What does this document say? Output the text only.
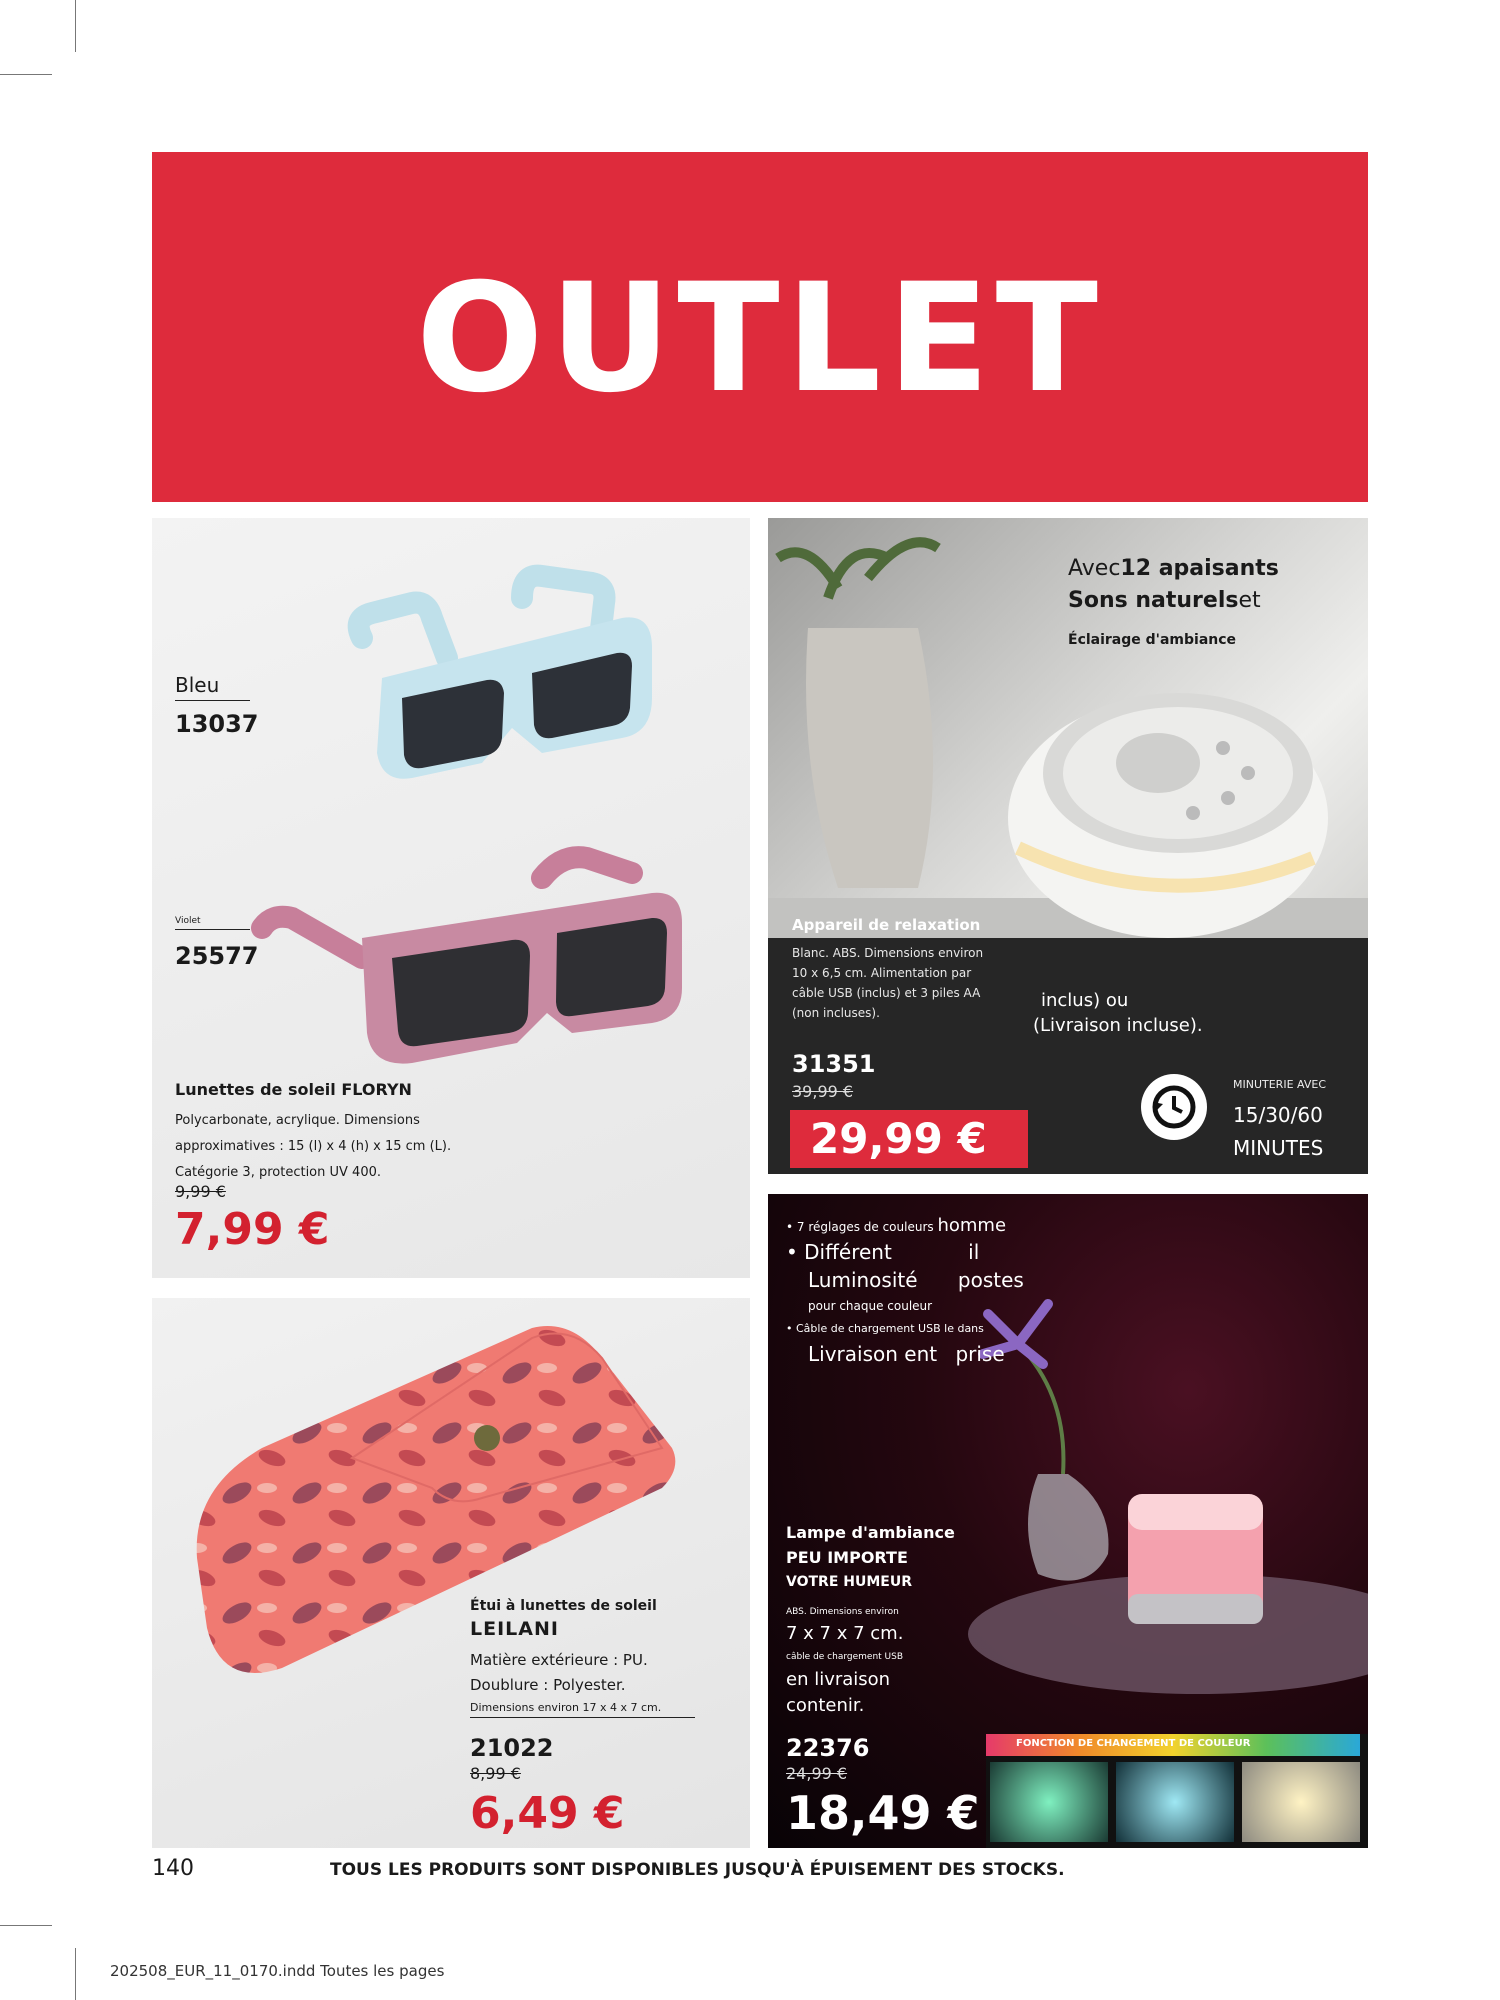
OUTLET
Bleu
13037
Violet
25577
Lunettes de soleil FLORYN
Polycarbonate, acrylique. Dimensions
approximatives : 15 (l) x 4 (h) x 15 cm (L).
Catégorie 3, protection UV 400.
9,99 €
7,99 €
Avec12 apaisants
Sons naturelset
Éclairage d'ambiance
Appareil de relaxation
Blanc. ABS. Dimensions environ
10 x 6,5 cm. Alimentation par
câble USB (inclus) et 3 piles AA
(non incluses).
inclus) ou
(Livraison incluse).
31351
39,99 €
29,99 €
MINUTERIE AVEC
15/30/60
MINUTES
Étui à lunettes de soleil
LEILANI
Matière extérieure : PU.
Doublure : Polyester.
Dimensions environ 17 x 4 x 7 cm.
21022
8,99 €
6,49 €
• 7 réglages de couleurs homme
• Différent	il
Luminosité postes
pour chaque couleur
• Câble de chargement USB le dans
Livraison ent prise
Lampe d'ambiance
PEU IMPORTE
VOTRE HUMEUR
ABS. Dimensions environ
7 x 7 x 7 cm.
câble de chargement USB
en livraison
contenir.
22376
24,99 €
18,49 €
FONCTION DE CHANGEMENT DE COULEUR
140	TOUS LES PRODUITS SONT DISPONIBLES JUSQU'À ÉPUISEMENT DES STOCKS.
202508_EUR_11_0170.indd Toutes les pages
